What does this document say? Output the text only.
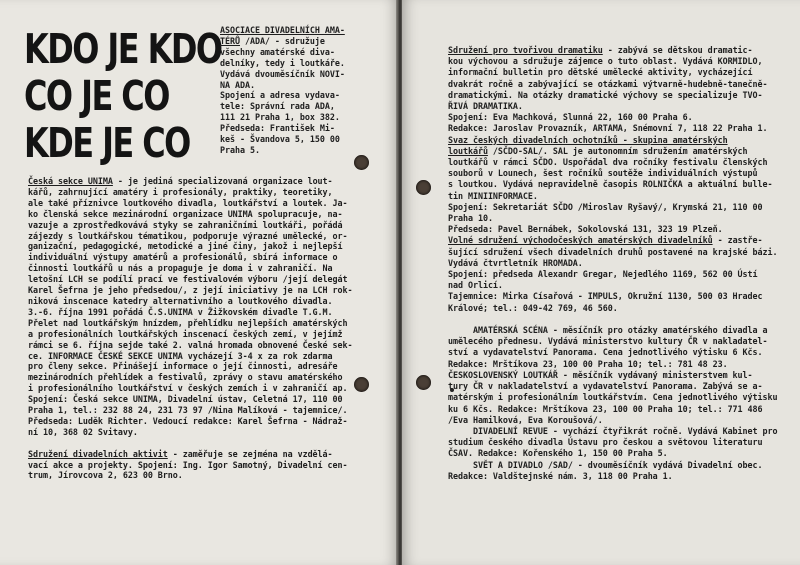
KDO JE KDO
CO JE CO
KDE JE CO
ASOCIACE DIVADELNÍCH AMA-
TÉRŮ /ADA/ - sdružuje
všechny amatérské diva-
delníky, tedy i loutkáře.
Vydává dvouměsíčník NOVI-
NA ADA.
Spojení a adresa vydava-
tele: Správní rada ADA,
111 21 Praha 1, box 382.
Předseda: František Mi-
keš - Švandova 5, 150 00
Praha 5.
Česká sekce UNIMA - je jediná specializovaná organizace lout-
kářů, zahrnující amatéry i profesionály, praktiky, teoretiky,
ale také příznivce loutkového divadla, loutkářství a loutek. Ja-
ko členská sekce mezinárodní organizace UNIMA spolupracuje, na-
vazuje a zprostředkovává styky se zahraničními loutkáři, pořádá
zájezdy s loutkářskou tématikou, podporuje výrazné umělecké, or-
ganizační, pedagogické, metodické a jiné činy, jakož i nejlepší
individuální výstupy amatérů a profesionálů, sbírá informace o
činnosti loutkářů u nás a propaguje je doma i v zahraničí. Na
letošní LCH se podílí prací ve festivalovém výboru /její delegát
Karel Šefrna je jeho předsedou/, z její iniciativy je na LCH rok-
niková inscenace katedry alternativního a loutkového divadla.
3.-6. října 1991 pořádá Č.S.UNIMA v Žižkovském divadle T.G.M.
Přelet nad loutkářským hnízdem, přehlídku nejlepších amatérských
a profesionálních loutkářských inscenací českých zemí, v jejímž
rámci se 6. října sejde také 2. valná hromada obnovené České sek-
ce. INFORMACE ČESKÉ SEKCE UNIMA vycházejí 3-4 x za rok zdarma
pro členy sekce. Přinášejí informace o její činnosti, adresáře
mezinárodních přehlídek a festivalů, zprávy o stavu amatérského
i profesionálního loutkářství v českých zemích i v zahraničí ap.
Spojení: Česká sekce UNIMA, Divadelní ústav, Celetná 17, 110 00
Praha 1, tel.: 232 88 24, 231 73 97 /Nina Malíková - tajemnice/.
Předseda: Luděk Richter. Vedoucí redakce: Karel Šefrna - Nádraž-
ní 10, 368 02 Svitavy.

Sdružení divadelních aktivit - zaměřuje se zejména na vzdělá-
vací akce a projekty. Spojení: Ing. Igor Samotný, Divadelní cen-
trum, Jírovcova 2, 623 00 Brno.
Sdružení pro tvořivou dramatiku - zabývá se dětskou dramatic-
kou výchovou a sdružuje zájemce o tuto oblast. Vydává KORMIDLO,
informační bulletin pro dětské umělecké aktivity, vycházející
dvakrát ročně a zabývající se otázkami výtvarně-hudebně-tanečně-
dramatickými. Na otázky dramatické výchovy se specializuje TVO-
ŘIVÁ DRAMATIKA.
Spojení: Eva Machková, Slunná 22, 160 00 Praha 6.
Redakce: Jaroslav Provazník, ARTAMA, Snémovní 7, 118 22 Praha 1.
Svaz českých divadelních ochotníků - skupina amatérských
loutkářů /SČDO-SAL/. SAL je autonomním sdružením amatérských
loutkářů v rámci SČDO. Uspořádal dva ročníky festivalu členských
souborů v Lounech, šest ročníků soutěže individuálních výstupů
s loutkou. Vydává nepravidelně časopis ROLNIČKA a aktuální bulle-
tin MINIINFORMACE.
Spojení: Sekretariát SČDO /Miroslav Ryšavý/, Krymská 21, 110 00
Praha 10.
Předseda: Pavel Bernábek, Sokolovská 131, 323 19 Plzeň.
Volné sdružení východočeských amatérských divadelníků - zastře-
šující sdružení všech divadelních druhů postavené na krajské bázi.
Vydává čtvrtletník HROMADA.
Spojení: předseda Alexandr Gregar, Nejedlého 1169, 562 00 Ústí
nad Orlicí.
Tajemnice: Mirka Císařová - IMPULS, Okružní 1130, 500 03 Hradec
Králové; tel.: 049-42 769, 46 560.

AMATÉRSKÁ SCÉNA - měsíčník pro otázky amatérského divadla a
umělecého přednesu. Vydává ministerstvo kultury ČR v nakladatel-
ství a vydavatelství Panorama. Cena jednotlivého výtisku 6 Kčs.
Redakce: Mrštíkova 23, 100 00 Praha 10; tel.: 781 48 23.
ČESKOSLOVENSKÝ LOUTKÁŘ - měsíčník vydávaný ministerstvem kul-
tury ČR v nakladatelství a vydavatelství Panorama. Zabývá se a-
matérským i profesionálním loutkářstvím. Cena jednotlivého výtisku
ku 6 Kčs. Redakce: Mrštíkova 23, 100 00 Praha 10; tel.: 771 486
/Eva Hamilková, Eva Koroušová/.
DIVADELNÍ REVUE - vychází čtyřikrát ročně. Vydává Kabinet pro
studium českého divadla Ústavu pro českou a světovou literaturu
ČSAV. Redakce: Kořenského 1, 150 00 Praha 5.
SVĚT A DIVADLO /SAD/ - dvouměsíčník vydává Divadelní obec.
Redakce: Valdštejnské nám. 3, 118 00 Praha 1.
